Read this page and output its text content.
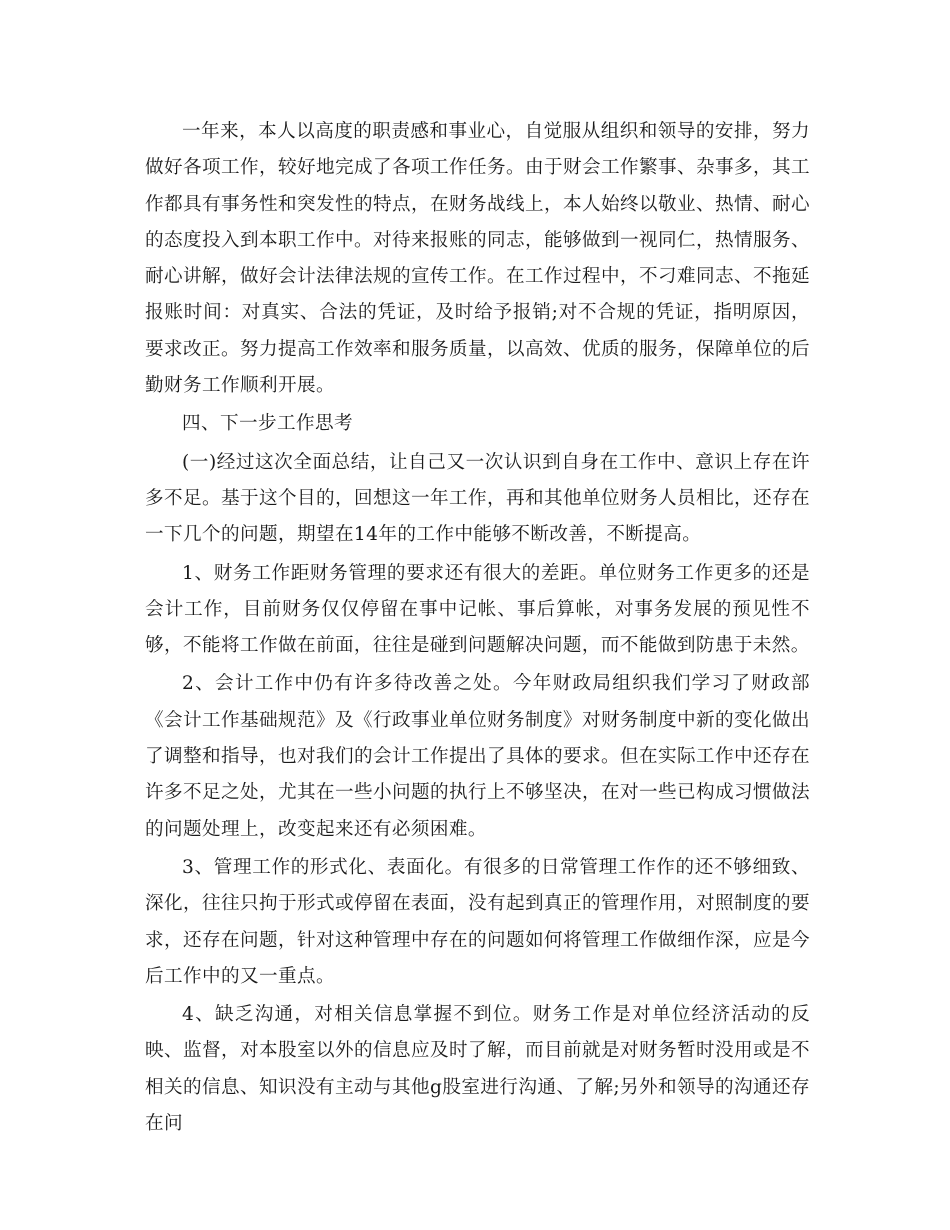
一年来，本人以高度的职责感和事业心，自觉服从组织和领导的安排，努力做好各项工作，较好地完成了各项工作任务。由于财会工作繁事、杂事多，其工作都具有事务性和突发性的特点，在财务战线上，本人始终以敬业、热情、耐心的态度投入到本职工作中。对待来报账的同志，能够做到一视同仁，热情服务、耐心讲解，做好会计法律法规的宣传工作。在工作过程中，不刁难同志、不拖延报账时间：对真实、合法的凭证，及时给予报销;对不合规的凭证，指明原因，要求改正。努力提高工作效率和服务质量，以高效、优质的服务，保障单位的后勤财务工作顺利开展。

四、下一步工作思考

(一)经过这次全面总结，让自己又一次认识到自身在工作中、意识上存在许多不足。基于这个目的，回想这一年工作，再和其他单位财务人员相比，还存在一下几个的问题，期望在14年的工作中能够不断改善，不断提高。

1、财务工作距财务管理的要求还有很大的差距。单位财务工作更多的还是会计工作，目前财务仅仅停留在事中记帐、事后算帐，对事务发展的预见性不够，不能将工作做在前面，往往是碰到问题解决问题，而不能做到防患于未然。

2、会计工作中仍有许多待改善之处。今年财政局组织我们学习了财政部《会计工作基础规范》及《行政事业单位财务制度》对财务制度中新的变化做出了调整和指导，也对我们的会计工作提出了具体的要求。但在实际工作中还存在许多不足之处，尤其在一些小问题的执行上不够坚决，在对一些已构成习惯做法的问题处理上，改变起来还有必须困难。

3、管理工作的形式化、表面化。有很多的日常管理工作作的还不够细致、深化，往往只拘于形式或停留在表面，没有起到真正的管理作用，对照制度的要求，还存在问题，针对这种管理中存在的问题如何将管理工作做细作深，应是今后工作中的又一重点。

4、缺乏沟通，对相关信息掌握不到位。财务工作是对单位经济活动的反映、监督，对本股室以外的信息应及时了解，而目前就是对财务暂时没用或是不相关的信息、知识没有主动与其他g股室进行沟通、了解;另外和领导的沟通还存在问
